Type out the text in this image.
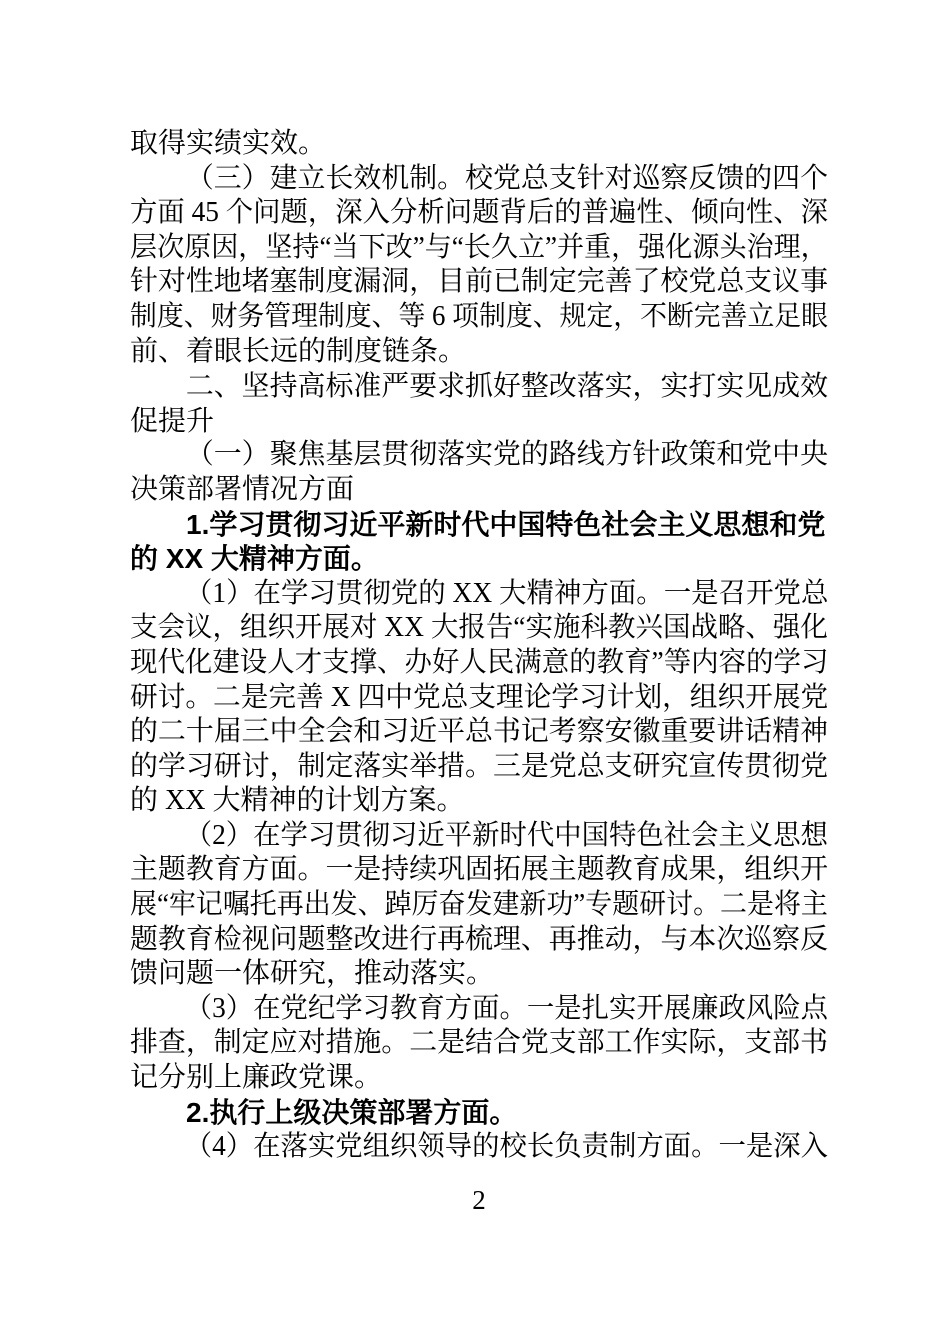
取得实绩实效。
（三）建立长效机制。校党总支针对巡察反馈的四个
方面 45 个问题，深入分析问题背后的普遍性、倾向性、深
层次原因，坚持“当下改”与“长久立”并重，强化源头治理，
针对性地堵塞制度漏洞，目前已制定完善了校党总支议事
制度、财务管理制度、等 6 项制度、规定，不断完善立足眼
前、着眼长远的制度链条。
二、坚持高标准严要求抓好整改落实，实打实见成效
促提升
（一）聚焦基层贯彻落实党的路线方针政策和党中央
决策部署情况方面
1.学习贯彻习近平新时代中国特色社会主义思想和党
的 XX 大精神方面。
（1）在学习贯彻党的 XX 大精神方面。一是召开党总
支会议，组织开展对 XX 大报告“实施科教兴国战略、强化
现代化建设人才支撑、办好人民满意的教育”等内容的学习
研讨。二是完善 X 四中党总支理论学习计划，组织开展党
的二十届三中全会和习近平总书记考察安徽重要讲话精神
的学习研讨，制定落实举措。三是党总支研究宣传贯彻党
的 XX 大精神的计划方案。
（2）在学习贯彻习近平新时代中国特色社会主义思想
主题教育方面。一是持续巩固拓展主题教育成果，组织开
展“牢记嘱托再出发、踔厉奋发建新功”专题研讨。二是将主
题教育检视问题整改进行再梳理、再推动，与本次巡察反
馈问题一体研究，推动落实。
（3）在党纪学习教育方面。一是扎实开展廉政风险点
排查，制定应对措施。二是结合党支部工作实际，支部书
记分别上廉政党课。
2.执行上级决策部署方面。
（4）在落实党组织领导的校长负责制方面。一是深入
2
